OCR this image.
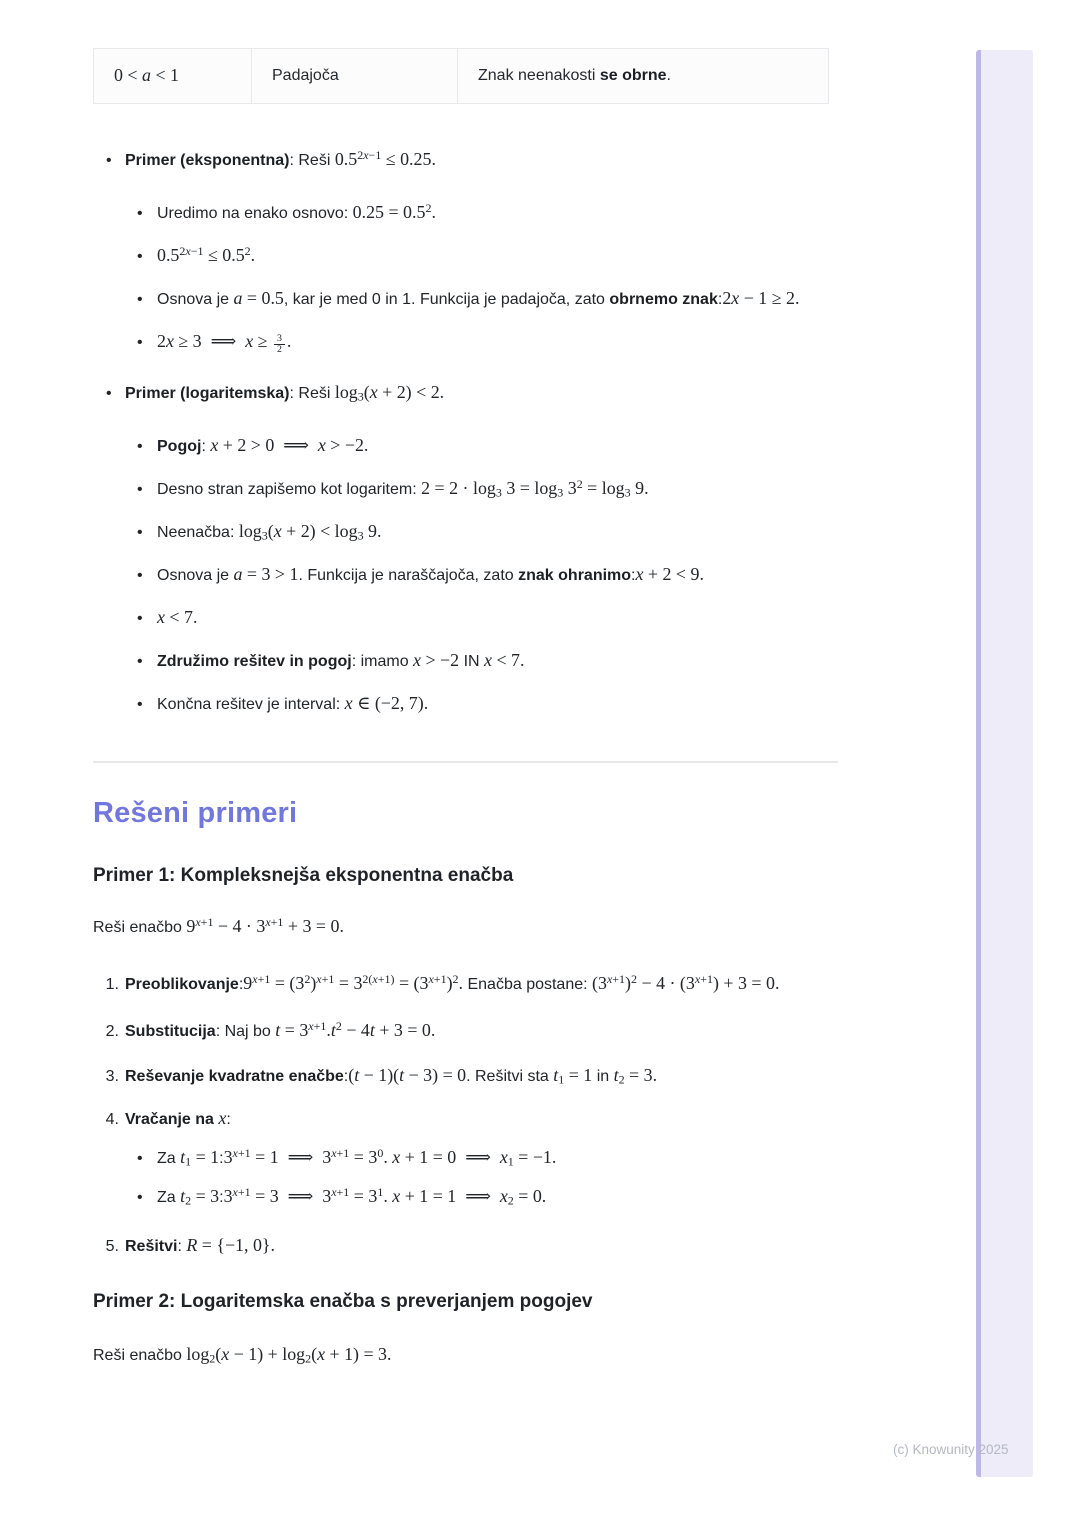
0 < a < 1	Padajoča	Znak neenakosti se obrne.
• Primer (eksponentna): Reši $0.5^{2x-1} \le 0.25$.
• Uredimo na enako osnovo: $0.25 = 0.5^2$.
• $0.5^{2x-1} \le 0.5^2$.
• Osnova je a = 0.5, kar je med 0 in 1. Funkcija je padajoča, zato obrnemo znak:2x − 1 ≥ 2.
• 2x ≥ 3 ⟹ $x \ge \frac{3}{2}$ .
• Primer (logaritemska): Reši $\log_3(x + 2) < 2$.
• Pogoj: x + 2 > 0 ⟹ x > −2.
• Desno stran zapišemo kot logaritem: $2 = 2 \cdot \log_3 3 = \log_3 3^2 = \log_3 9$.
• Neenačba: $\log_3(x + 2) < \log_3 9$.
• Osnova je a = 3 > 1. Funkcija je naraščajoča, zato znak ohranimo:x + 2 < 9.
• x < 7.
• Združimo rešitev in pogoj: imamo x > −2 IN x < 7.
• Končna rešitev je interval: x ∈ (−2, 7).
Rešeni primeri
Primer 1: Kompleksnejša eksponentna enačba

Reši enačbo $9^{x+1} - 4 \cdot 3^{x+1} + 3 = 0$.

1. $Preoblikovanje:9^{x+1} = (3^2)^{x+1} = 3^{2(x+1)} = (3^{x+1})^2$. Enačba postane: $(3^{x+1})^2 - 4 \cdot (3^{x+1}) + 3 = 0$.
2. Substitucija: Naj bo $t = 3^{x+1}.t^2 - 4t + 3 = 0$.
3. Reševanje kvadratne enačbe:(t − 1)(t − 3) = 0. Rešitvi sta $t_1 = 1$ in $t_2 = 3$.
4. Vračanje na x:
• Za $t_1$ = $1:3^{x+1} = 1$ ⟹ $3^{x+1} = 3^0$. x + 1 = 0 ⟹ $x_1 = -1$.
• Za $t_2$ = $3:3^{x+1} = 3$ ⟹ $3^{x+1} = 3^1$. x + 1 = 1 ⟹ $x_2 = 0$.
5. Rešitvi: R = {−1, 0}.
Primer 2: Logaritemska enačba s preverjanjem pogojev

Reši enačbo $\log_2(x - 1) + \log_2(x + 1) = 3$.

(c) Knowunity 2025
